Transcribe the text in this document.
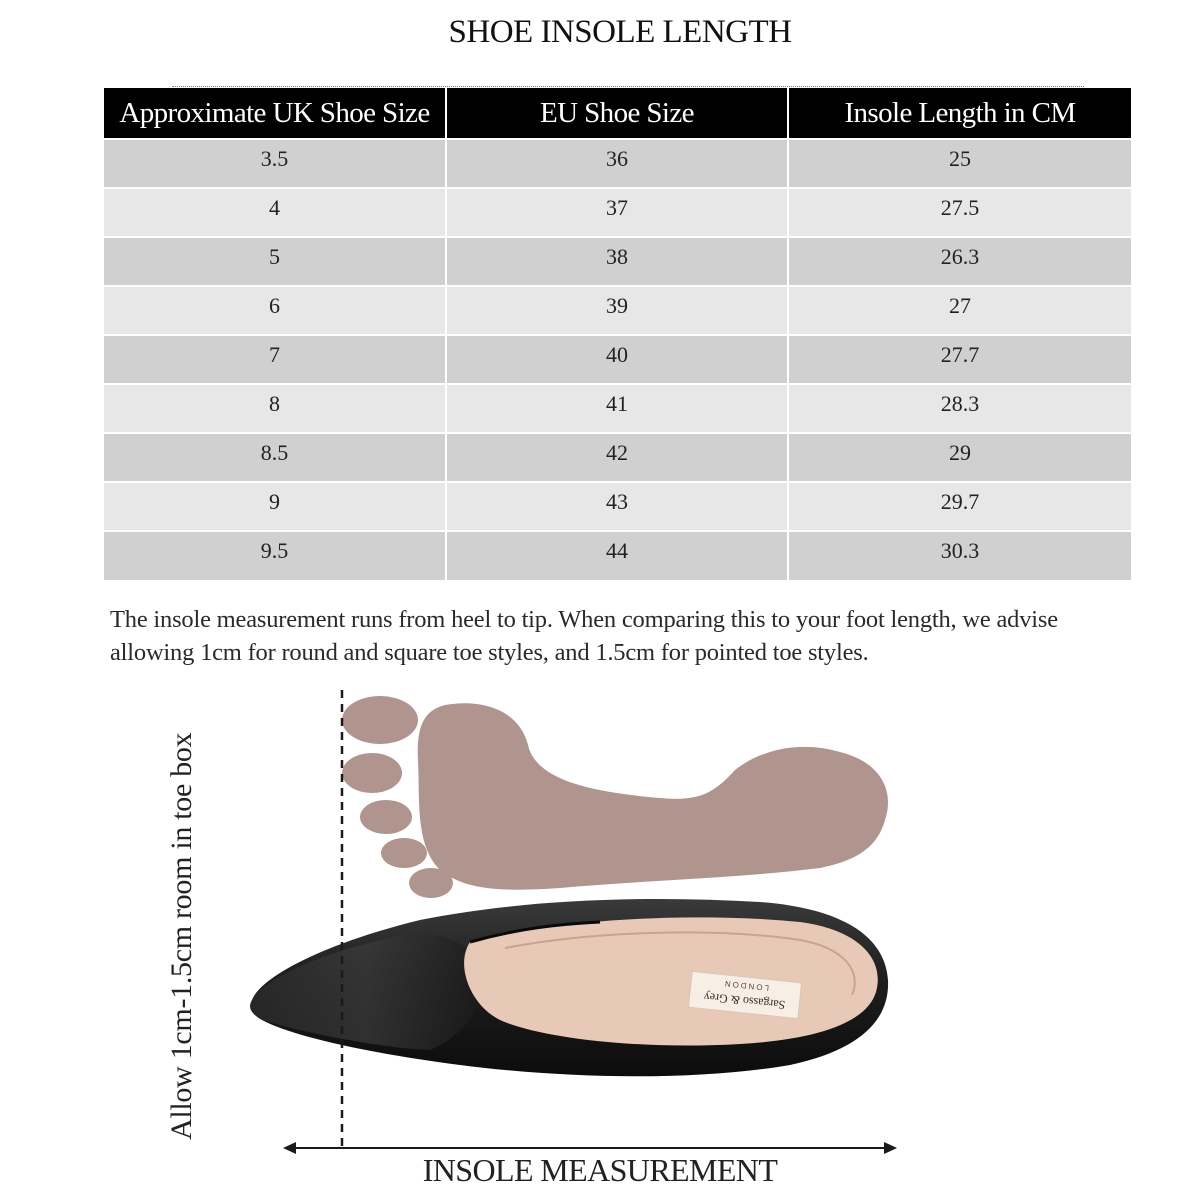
SHOE INSOLE LENGTH
Approximate UK Shoe Size	EU Shoe Size	Insole Length in CM
3.5	36	25
4	37	27.5
5	38	26.3
6	39	27
7	40	27.7
8	41	28.3
8.5	42	29
9	43	29.7
9.5	44	30.3
The insole measurement runs from heel to tip. When comparing this to your foot length, we advise allowing 1cm for round and square toe styles, and 1.5cm for pointed toe styles.
Sargasso & Grey
LONDON
Allow 1cm-1.5cm room in toe box
INSOLE MEASUREMENT
